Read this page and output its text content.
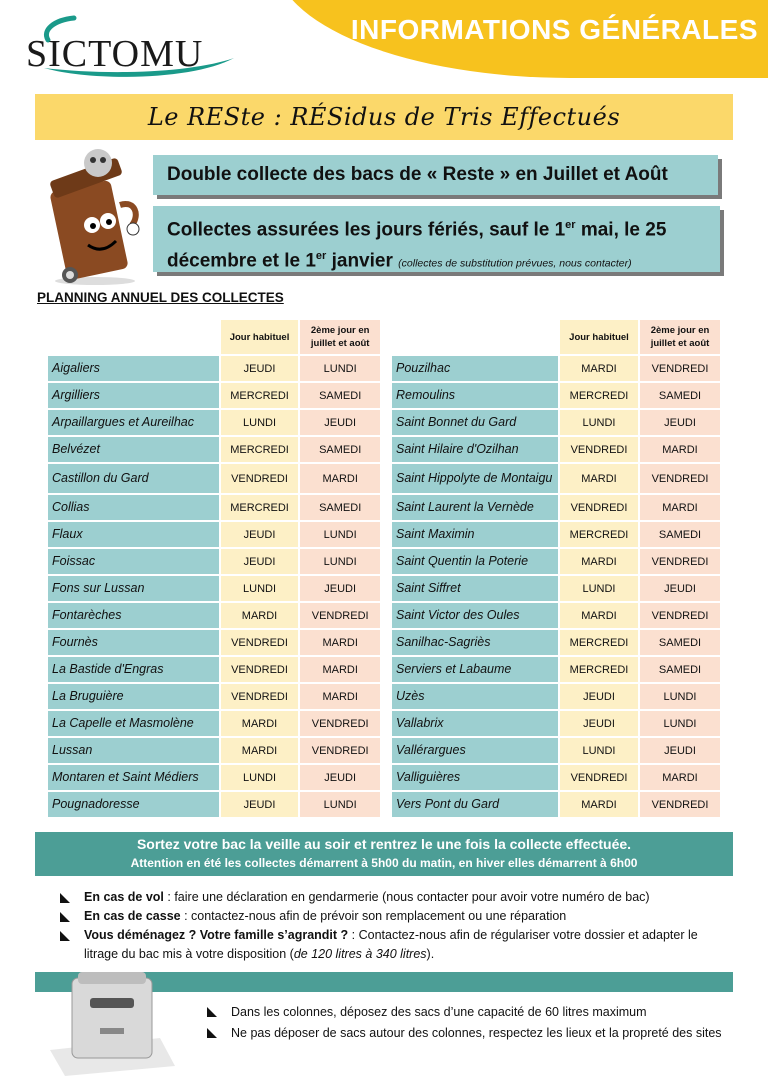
INFORMATIONS GÉNÉRALES
SICTOMU
Le RESte : RÉSidus de Tris Effectués
Double collecte des bacs de « Reste » en Juillet et Août
Collectes assurées les jours fériés, sauf le 1er mai, le 25 décembre et le 1er janvier (collectes de substitution prévues, nous contacter)
PLANNING ANNUEL DES COLLECTES
	Jour habituel	2ème jour en juillet et août
Aigaliers	JEUDI	LUNDI
Argilliers	MERCREDI	SAMEDI
Arpaillargues et Aureilhac	LUNDI	JEUDI
Belvézet	MERCREDI	SAMEDI
Castillon du Gard	VENDREDI	MARDI
Collias	MERCREDI	SAMEDI
Flaux	JEUDI	LUNDI
Foissac	JEUDI	LUNDI
Fons sur Lussan	LUNDI	JEUDI
Fontarèches	MARDI	VENDREDI
Fournès	VENDREDI	MARDI
La Bastide d'Engras	VENDREDI	MARDI
La Bruguière	VENDREDI	MARDI
La Capelle et Masmolène	MARDI	VENDREDI
Lussan	MARDI	VENDREDI
Montaren et Saint Médiers	LUNDI	JEUDI
Pougnadoresse	JEUDI	LUNDI
	Jour habituel	2ème jour en juillet et août
Pouzilhac	MARDI	VENDREDI
Remoulins	MERCREDI	SAMEDI
Saint Bonnet du Gard	LUNDI	JEUDI
Saint Hilaire d'Ozilhan	VENDREDI	MARDI
Saint Hippolyte de Montaigu	MARDI	VENDREDI
Saint Laurent la Vernède	VENDREDI	MARDI
Saint Maximin	MERCREDI	SAMEDI
Saint Quentin la Poterie	MARDI	VENDREDI
Saint Siffret	LUNDI	JEUDI
Saint Victor des Oules	MARDI	VENDREDI
Sanilhac-Sagriès	MERCREDI	SAMEDI
Serviers et Labaume	MERCREDI	SAMEDI
Uzès	JEUDI	LUNDI
Vallabrix	JEUDI	LUNDI
Vallérargues	LUNDI	JEUDI
Valliguières	VENDREDI	MARDI
Vers Pont du Gard	MARDI	VENDREDI
Sortez votre bac la veille au soir et rentrez le une fois la collecte effectuée.
Attention en été les collectes démarrent à 5h00 du matin, en hiver elles démarrent à 6h00
En cas de vol : faire une déclaration en gendarmerie (nous contacter pour avoir votre numéro de bac)
En cas de casse : contactez-nous afin de prévoir son remplacement ou une réparation
Vous déménagez ? Votre famille s’agrandit ? : Contactez-nous afin de régulariser votre dossier et adapter le litrage du bac mis à votre disposition (de 120 litres à 340 litres).
Dans les colonnes, déposez des sacs d’une capacité de 60 litres maximum
Ne pas déposer de sacs autour des colonnes, respectez les lieux et la propreté des sites
